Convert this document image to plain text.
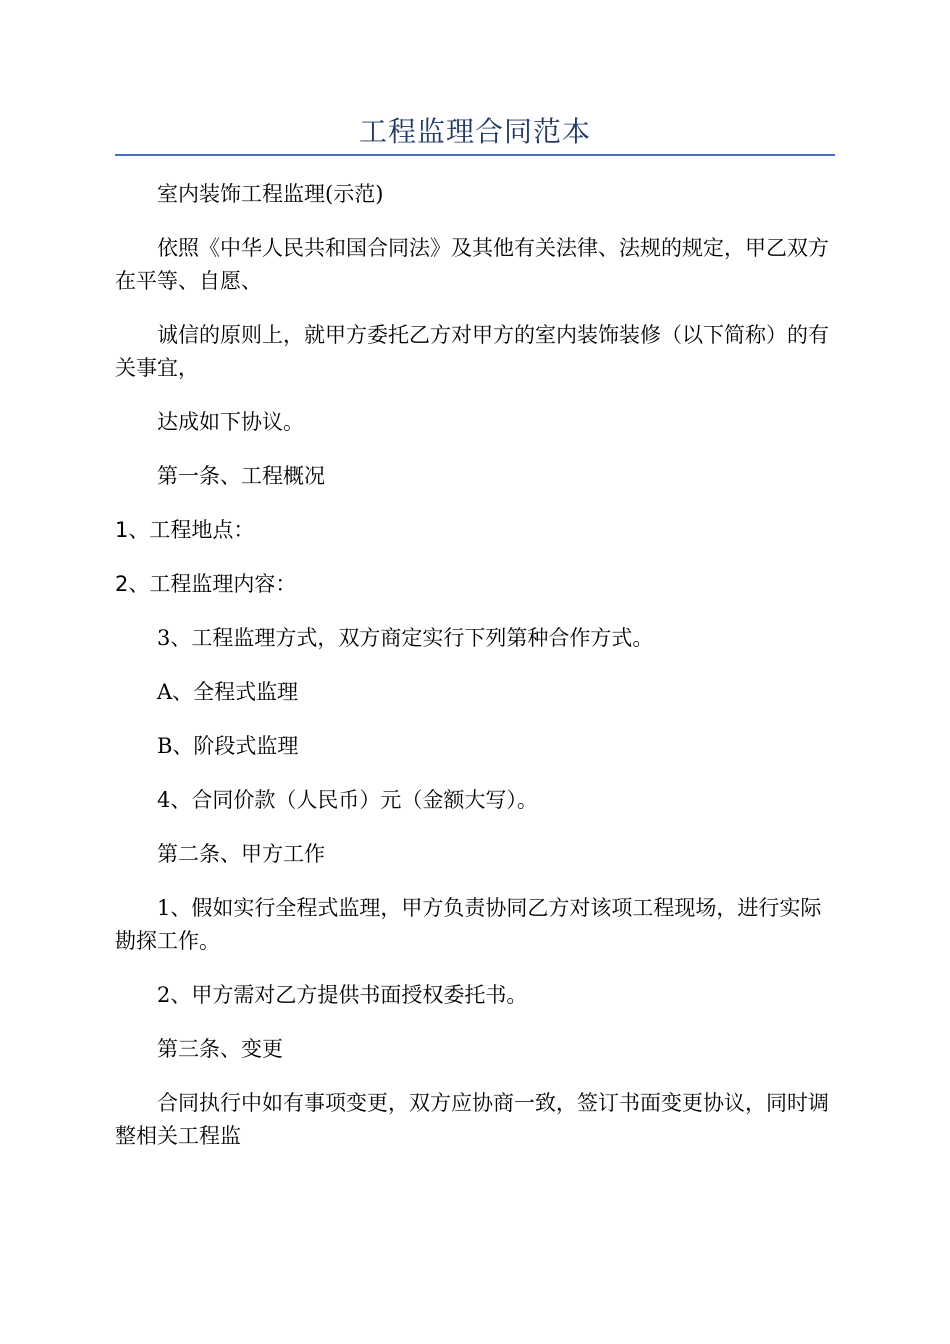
工程监理合同范本

室内装饰工程监理(示范)

依照《中华人民共和国合同法》及其他有关法律、法规的规定，甲乙双方在平等、自愿、

诚信的原则上，就甲方委托乙方对甲方的室内装饰装修（以下简称）的有关事宜，

达成如下协议。

第一条、工程概况

1、工程地点：

2、工程监理内容：

3、工程监理方式，双方商定实行下列第种合作方式。

A、全程式监理

B、阶段式监理

4、合同价款（人民币）元（金额大写）。

第二条、甲方工作

1、假如实行全程式监理，甲方负责协同乙方对该项工程现场，进行实际勘探工作。

2、甲方需对乙方提供书面授权委托书。

第三条、变更

合同执行中如有事项变更，双方应协商一致，签订书面变更协议，同时调整相关工程监
